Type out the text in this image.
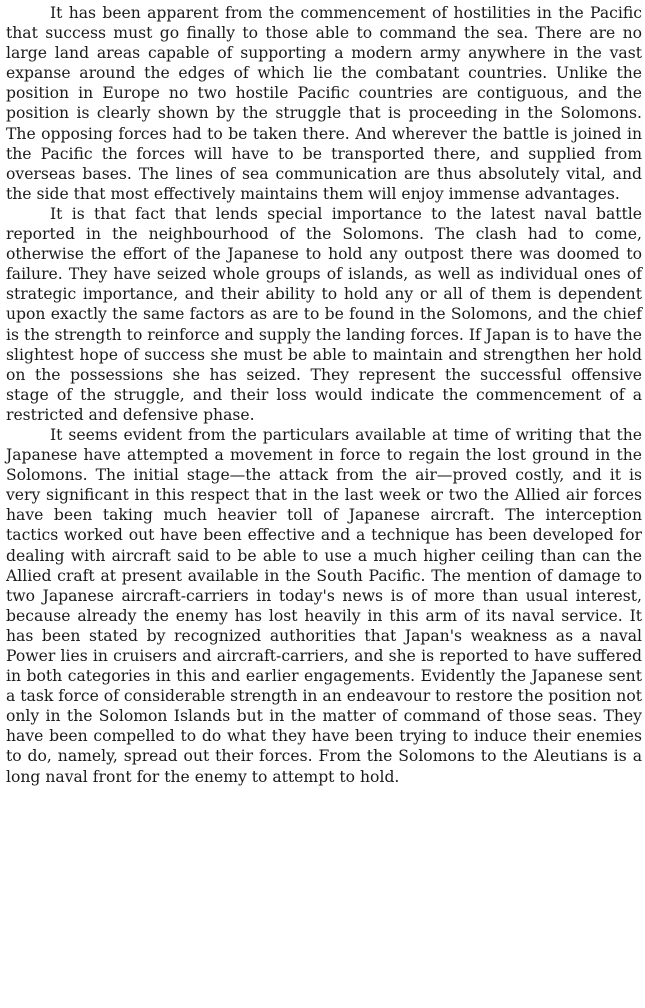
It has been apparent from the commencement of hostilities in the Pacific that success must go finally to those able to command the sea. There are no large land areas capable of supporting a modern army anywhere in the vast expanse around the edges of which lie the combatant countries. Unlike the position in Europe no two hostile Pacific countries are contiguous, and the position is clearly shown by the struggle that is proceeding in the Solomons. The opposing forces had to be taken there. And wherever the battle is joined in the Pacific the forces will have to be transported there, and supplied from overseas bases. The lines of sea communication are thus absolutely vital, and the side that most effectively maintains them will enjoy immense advantages.

It is that fact that lends special importance to the latest naval battle reported in the neighbourhood of the Solomons. The clash had to come, otherwise the effort of the Japanese to hold any outpost there was doomed to failure. They have seized whole groups of islands, as well as individual ones of strategic importance, and their ability to hold any or all of them is dependent upon exactly the same factors as are to be found in the Solomons, and the chief is the strength to reinforce and supply the landing forces. If Japan is to have the slightest hope of success she must be able to maintain and strengthen her hold on the possessions she has seized. They represent the successful offensive stage of the struggle, and their loss would indicate the commencement of a restricted and defensive phase.

It seems evident from the particulars available at time of writing that the Japanese have attempted a movement in force to regain the lost ground in the Solomons. The initial stage—the attack from the air—proved costly, and it is very significant in this respect that in the last week or two the Allied air forces have been taking much heavier toll of Japanese aircraft. The interception tactics worked out have been effective and a technique has been developed for dealing with aircraft said to be able to use a much higher ceiling than can the Allied craft at present available in the South Pacific. The mention of damage to two Japanese aircraft-carriers in today's news is of more than usual interest, because already the enemy has lost heavily in this arm of its naval service. It has been stated by recognized authorities that Japan's weakness as a naval Power lies in cruisers and aircraft-carriers, and she is reported to have suffered in both categories in this and earlier engagements. Evidently the Japanese sent a task force of considerable strength in an endeavour to restore the position not only in the Solomon Islands but in the matter of command of those seas. They have been compelled to do what they have been trying to induce their enemies to do, namely, spread out their forces. From the Solomons to the Aleutians is a long naval front for the enemy to attempt to hold.
